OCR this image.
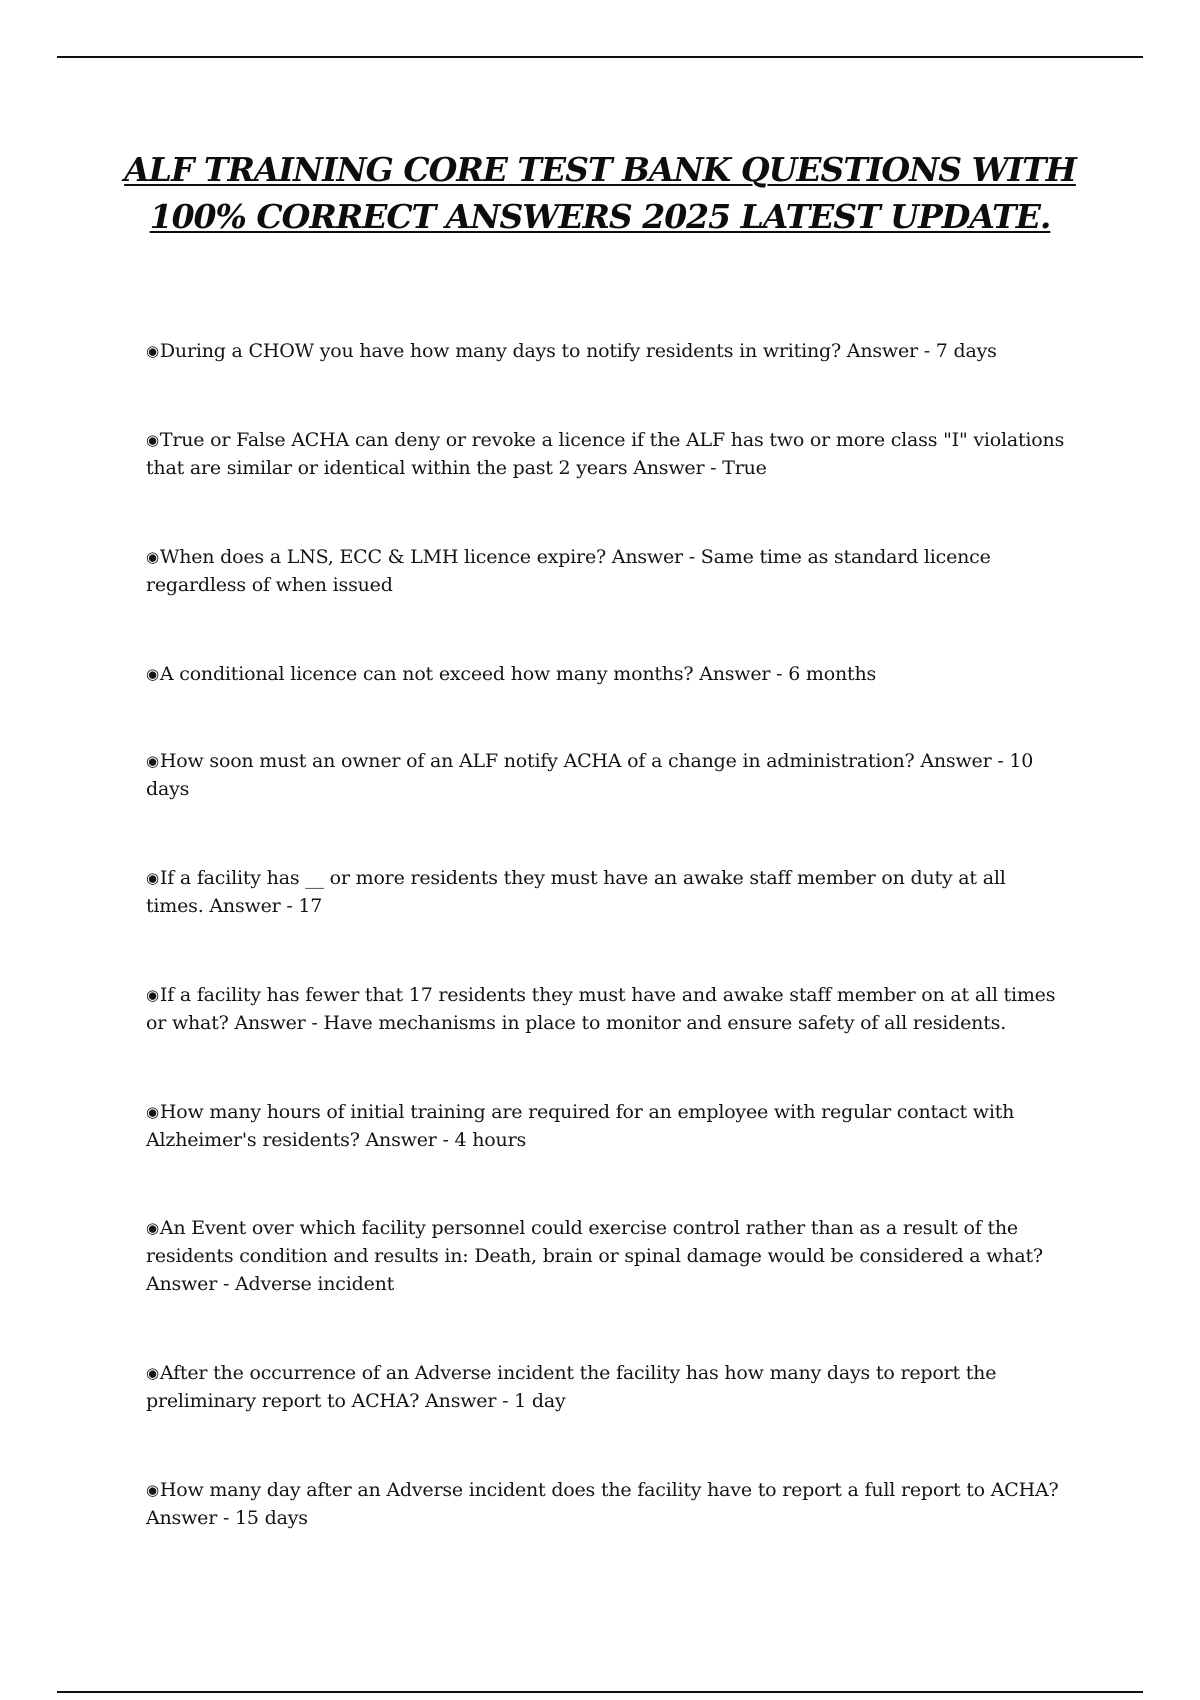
ALF TRAINING CORE TEST BANK QUESTIONS WITH
100% CORRECT ANSWERS 2025 LATEST UPDATE.

◉During a CHOW you have how many days to notify residents in writing? Answer - 7 days

◉True or False ACHA can deny or revoke a licence if the ALF has two or more class "I" violations that are similar or identical within the past 2 years Answer - True

◉When does a LNS, ECC & LMH licence expire? Answer - Same time as standard licence regardless of when issued

◉A conditional licence can not exceed how many months? Answer - 6 months

◉How soon must an owner of an ALF notify ACHA of a change in administration? Answer - 10 days

◉If a facility has __ or more residents they must have an awake staff member on duty at all times. Answer - 17

◉If a facility has fewer that 17 residents they must have and awake staff member on at all times or what? Answer - Have mechanisms in place to monitor and ensure safety of all residents.

◉How many hours of initial training are required for an employee with regular contact with Alzheimer's residents? Answer - 4 hours

◉An Event over which facility personnel could exercise control rather than as a result of the residents condition and results in: Death, brain or spinal damage would be considered a what? Answer - Adverse incident

◉After the occurrence of an Adverse incident the facility has how many days to report the preliminary report to ACHA? Answer - 1 day

◉How many day after an Adverse incident does the facility have to report a full report to ACHA? Answer - 15 days
